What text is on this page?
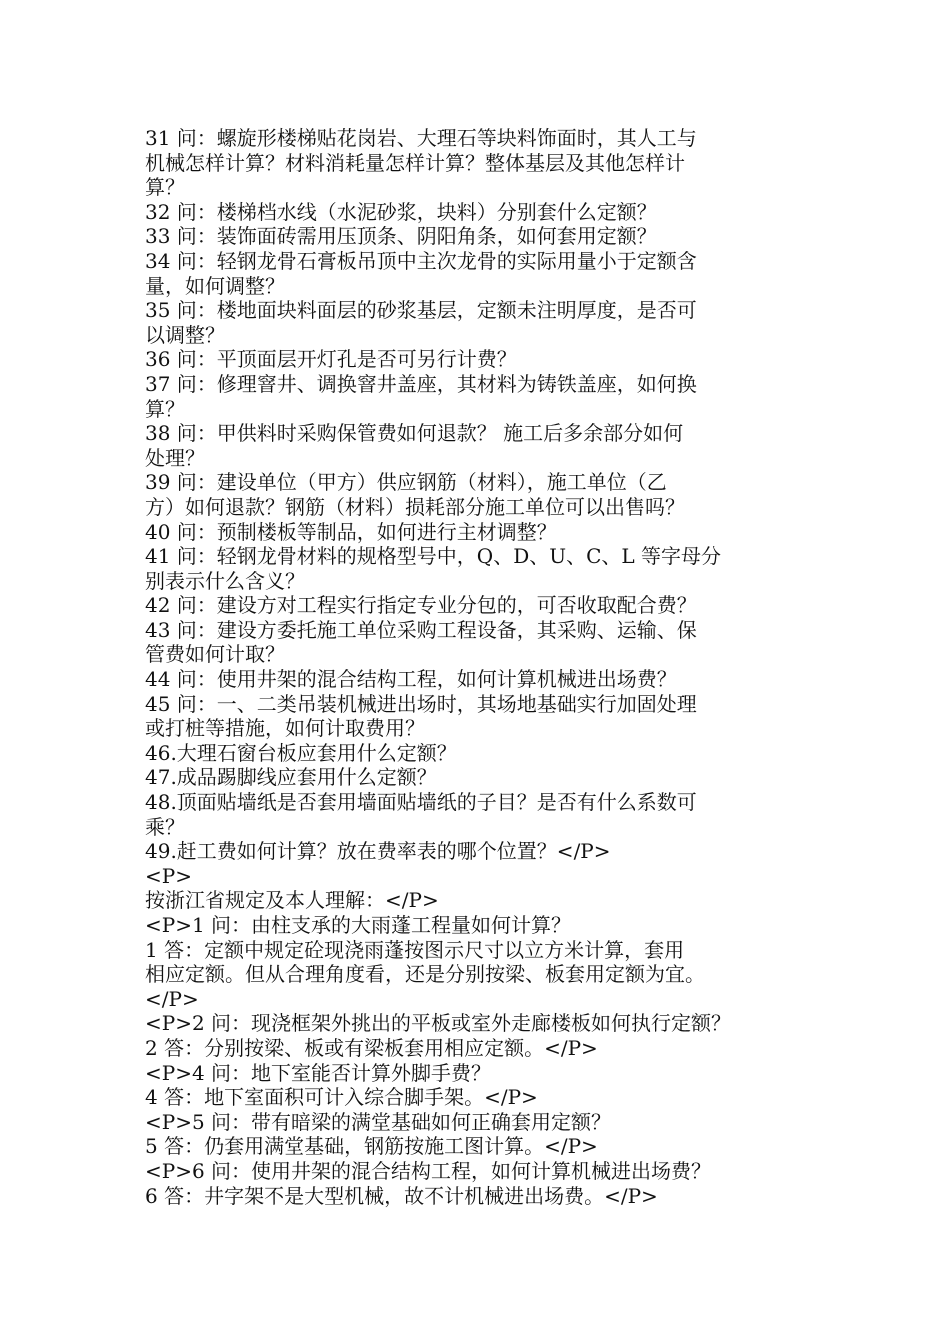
31 问：螺旋形楼梯贴花岗岩、大理石等块料饰面时，其人工与
机械怎样计算？材料消耗量怎样计算？整体基层及其他怎样计
算？
32 问：楼梯档水线（水泥砂浆，块料）分别套什么定额？
33 问：装饰面砖需用压顶条、阴阳角条，如何套用定额？
34 问：轻钢龙骨石膏板吊顶中主次龙骨的实际用量小于定额含
量，如何调整？
35 问：楼地面块料面层的砂浆基层，定额未注明厚度，是否可
以调整？
36 问：平顶面层开灯孔是否可另行计费？
37 问：修理窨井、调换窨井盖座，其材料为铸铁盖座，如何换
算？
38 问：甲供料时采购保管费如何退款？ 施工后多余部分如何
处理？
39 问：建设单位（甲方）供应钢筋（材料），施工单位（乙
方）如何退款？钢筋（材料）损耗部分施工单位可以出售吗？
40 问：预制楼板等制品，如何进行主材调整？
41 问：轻钢龙骨材料的规格型号中，Q、D、U、C、L 等字母分
别表示什么含义？
42 问：建设方对工程实行指定专业分包的，可否收取配合费？
43 问：建设方委托施工单位采购工程设备，其采购、运输、保
管费如何计取？
44 问：使用井架的混合结构工程，如何计算机械进出场费？
45 问：一、二类吊装机械进出场时，其场地基础实行加固处理
或打桩等措施，如何计取费用？
46.大理石窗台板应套用什么定额？
47.成品踢脚线应套用什么定额？
48.顶面贴墙纸是否套用墙面贴墙纸的子目？是否有什么系数可
乘？
49.赶工费如何计算？放在费率表的哪个位置？</P>
<P>
按浙江省规定及本人理解：</P>
<P>1 问：由柱支承的大雨蓬工程量如何计算？
1 答：定额中规定砼现浇雨蓬按图示尺寸以立方米计算，套用
相应定额。但从合理角度看，还是分别按梁、板套用定额为宜。
</P>
<P>2 问：现浇框架外挑出的平板或室外走廊楼板如何执行定额？
2 答：分别按梁、板或有梁板套用相应定额。</P>
<P>4 问：地下室能否计算外脚手费？
4 答：地下室面积可计入综合脚手架。</P>
<P>5 问：带有暗梁的满堂基础如何正确套用定额？
5 答：仍套用满堂基础，钢筋按施工图计算。</P>
<P>6 问：使用井架的混合结构工程，如何计算机械进出场费？
6 答：井字架不是大型机械，故不计机械进出场费。</P>
